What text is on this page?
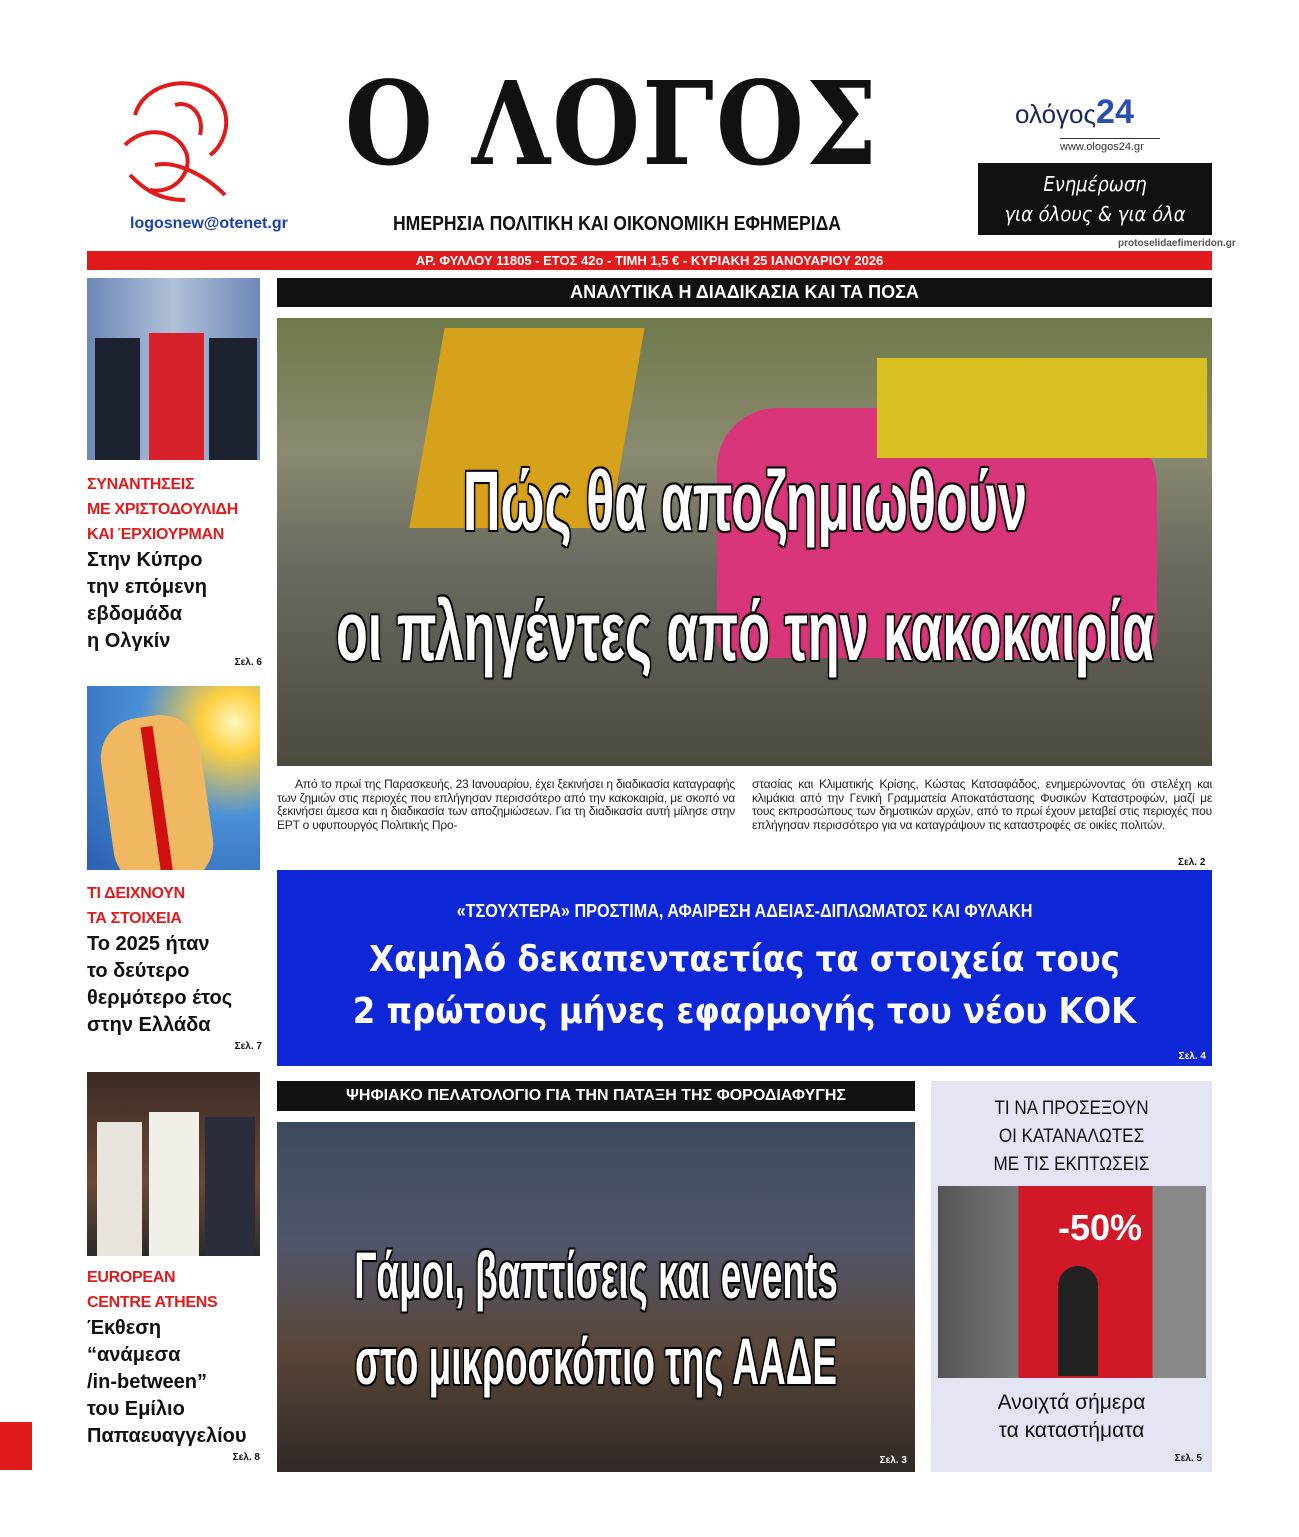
logosnew@otenet.gr
Ο ΛΟΓΟΣ
ΗΜΕΡΗΣΙΑ ΠΟΛΙΤΙΚΗ ΚΑΙ ΟΙΚΟΝΟΜΙΚΗ ΕΦΗΜΕΡΙΔΑ
ολόγος24
www.ologos24.gr
Ενημέρωση
για όλους & για όλα
protoselidaefimeridon.gr
ΑΡ. ΦΥΛΛΟΥ 11805 - ΕΤΟΣ 42ο - ΤΙΜΗ 1,5 € - ΚΥΡΙΑΚΗ 25 ΙΑΝΟΥΑΡΙΟΥ 2026
ΑΝΑΛΥΤΙΚΑ Η ΔΙΑΔΙΚΑΣΙΑ ΚΑΙ ΤΑ ΠΟΣΑ
Πώς θα αποζημιωθούν
οι πληγέντες από την κακοκαιρία
Από το πρωί της Παρασκευής, 23 Ιανουαρίου, έχει ξεκινήσει η διαδικασία καταγραφής των ζημιών στις περιοχές που επλήγησαν περισσότερο από την κακοκαιρία, με σκοπό να ξεκινήσει άμεσα και η διαδικασία των αποζημιώσεων. Για τη διαδικασία αυτή μίλησε στην ΕΡΤ ο υφυπουργός Πολιτικής Προ-
στασίας και Κλιματικής Κρίσης, Κώστας Κατσαφάδος, ενημερώνοντας ότι στελέχη και κλιμάκια από την Γενική Γραμματεία Αποκατάστασης Φυσικών Καταστροφών, μαζί με τους εκπροσώπους των δημοτικών αρχών, από το πρωί έχουν μεταβεί στις περιοχές που επλήγησαν περισσότερο για να καταγράψουν τις καταστροφές σε οικίες πολιτών.
Σελ. 2
«ΤΣΟΥΧΤΕΡΑ» ΠΡΟΣΤΙΜΑ, ΑΦΑΙΡΕΣΗ ΑΔΕΙΑΣ-ΔΙΠΛΩΜΑΤΟΣ ΚΑΙ ΦΥΛΑΚΗ
Χαμηλό δεκαπενταετίας τα στοιχεία τους
2 πρώτους μήνες εφαρμογής του νέου ΚΟΚ
Σελ. 4
ΨΗΦΙΑΚΟ ΠΕΛΑΤΟΛΟΓΙΟ ΓΙΑ ΤΗΝ ΠΑΤΑΞΗ ΤΗΣ ΦΟΡΟΔΙΑΦΥΓΗΣ
Γάμοι, βαπτίσεις και events
στο μικροσκόπιο της ΑΑΔΕ
Σελ. 3
ΤΙ ΝΑ ΠΡΟΣΕΞΟΥΝ
ΟΙ ΚΑΤΑΝΑΛΩΤΕΣ
ΜΕ ΤΙΣ ΕΚΠΤΩΣΕΙΣ
-50%
Ανοιχτά σήμερα
τα καταστήματα
Σελ. 5
ΣΥΝΑΝΤΗΣΕΙΣ
ΜΕ ΧΡΙΣΤΟΔΟΥΛΙΔΗ
ΚΑΙ ΈΡΧΙΟΥΡΜΑΝ
Στην Κύπρο
την επόμενη
εβδομάδα
η Ολγκίν
Σελ. 6
ΤΙ ΔΕΙΧΝΟΥΝ
ΤΑ ΣΤΟΙΧΕΙΑ
Το 2025 ήταν
το δεύτερο
θερμότερο έτος
στην Ελλάδα
Σελ. 7
EUROPEAN
CENTRE ATHENS
Έκθεση
“ανάμεσα
/in-between”
του Εμίλιο
Παπαευαγγελίου
Σελ. 8
